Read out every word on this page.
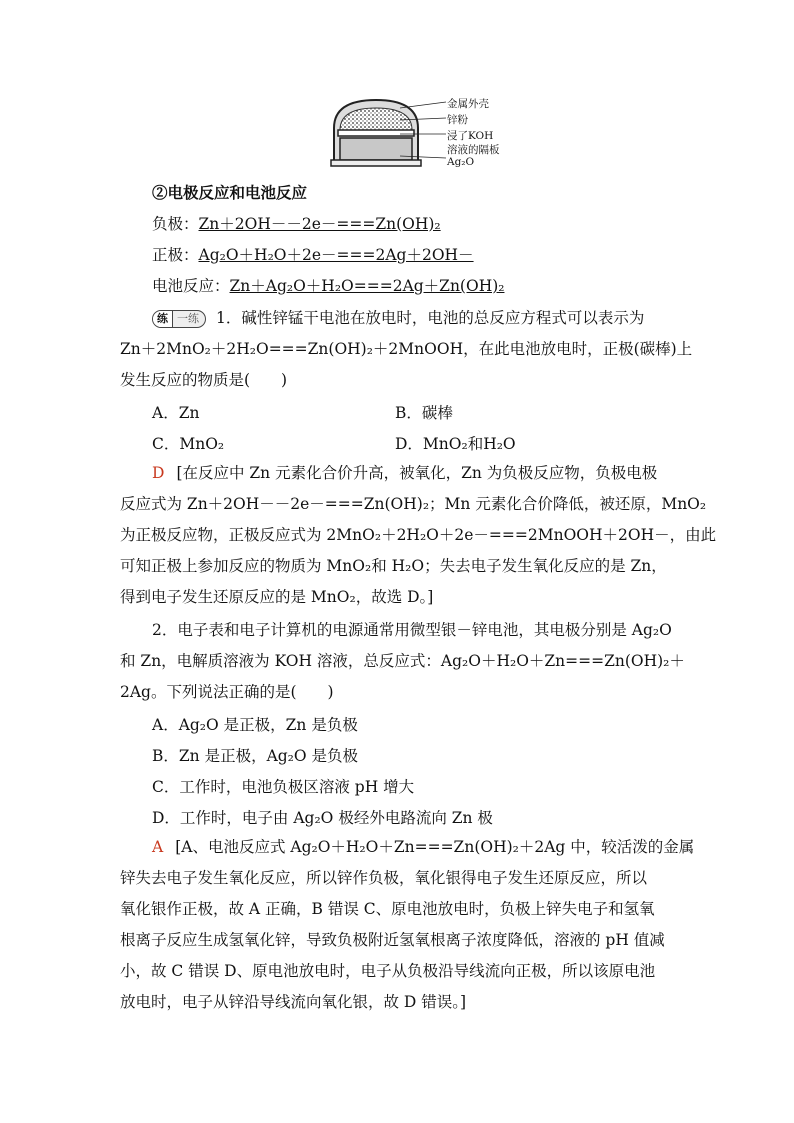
金属外壳
锌粉
浸了KOH
溶液的隔板
Ag₂O
②电极反应和电池反应
负极：Zn＋2OH－－2e－===Zn(OH)₂
正极：Ag₂O＋H₂O＋2e－===2Ag＋2OH－
电池反应：Zn＋Ag₂O＋H₂O===2Ag＋Zn(OH)₂
练 一练 1．碱性锌锰干电池在放电时，电池的总反应方程式可以表示为
Zn＋2MnO₂＋2H₂O===Zn(OH)₂＋2MnOOH，在此电池放电时，正极(碳棒)上
发生反应的物质是(　　)
A．Zn	B．碳棒
C．MnO₂	D．MnO₂和H₂O
D [在反应中 Zn 元素化合价升高，被氧化，Zn 为负极反应物，负极电极
反应式为 Zn＋2OH－－2e－===Zn(OH)₂；Mn 元素化合价降低，被还原，MnO₂
为正极反应物，正极反应式为 2MnO₂＋2H₂O＋2e－===2MnOOH＋2OH－，由此
可知正极上参加反应的物质为 MnO₂和 H₂O；失去电子发生氧化反应的是 Zn，
得到电子发生还原反应的是 MnO₂，故选 D。]
2．电子表和电子计算机的电源通常用微型银－锌电池，其电极分别是 Ag₂O
和 Zn，电解质溶液为 KOH 溶液，总反应式：Ag₂O＋H₂O＋Zn===Zn(OH)₂＋
2Ag。下列说法正确的是(　　)
A．Ag₂O 是正极，Zn 是负极
B．Zn 是正极，Ag₂O 是负极
C．工作时，电池负极区溶液 pH 增大
D．工作时，电子由 Ag₂O 极经外电路流向 Zn 极
A [A、电池反应式 Ag₂O＋H₂O＋Zn===Zn(OH)₂＋2Ag 中，较活泼的金属
锌失去电子发生氧化反应，所以锌作负极，氧化银得电子发生还原反应，所以
氧化银作正极，故 A 正确，B 错误 C、原电池放电时，负极上锌失电子和氢氧
根离子反应生成氢氧化锌，导致负极附近氢氧根离子浓度降低，溶液的 pH 值减
小，故 C 错误 D、原电池放电时，电子从负极沿导线流向正极，所以该原电池
放电时，电子从锌沿导线流向氧化银，故 D 错误。]
